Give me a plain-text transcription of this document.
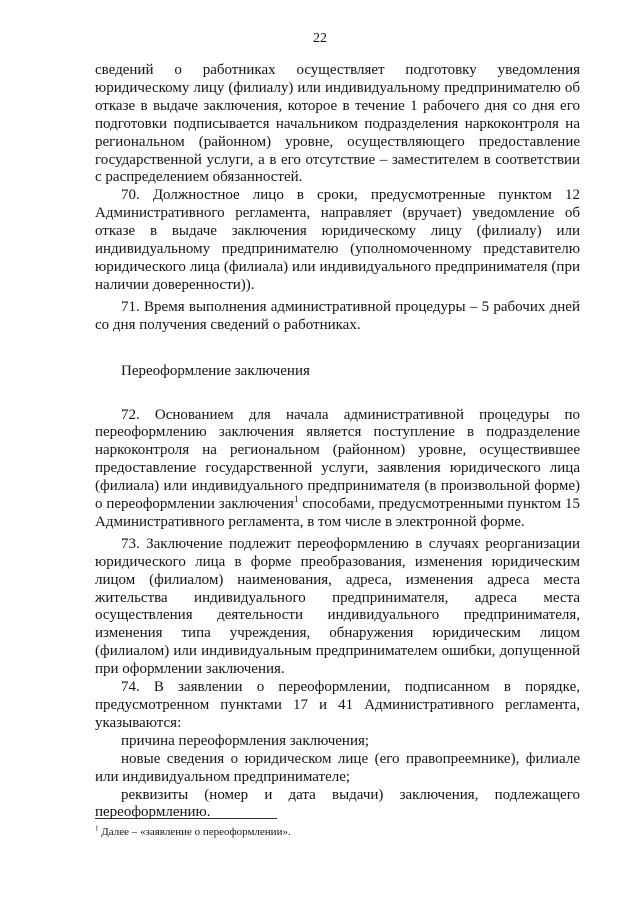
22

сведений о работниках осуществляет подготовку уведомления юридическому лицу (филиалу) или индивидуальному предпринимателю об отказе в выдаче заключения, которое в течение 1 рабочего дня со дня его подготовки подписывается начальником подразделения наркоконтроля на региональном (районном) уровне, осуществляющего предоставление государственной услуги, а в его отсутствие – заместителем в соответствии с распределением обязанностей.

70. Должностное лицо в сроки, предусмотренные пунктом 12 Административного регламента, направляет (вручает) уведомление об отказе в выдаче заключения юридическому лицу (филиалу) или индивидуальному предпринимателю (уполномоченному представителю юридического лица (филиала) или индивидуального предпринимателя (при наличии доверенности)).

71. Время выполнения административной процедуры – 5 рабочих дней со дня получения сведений о работниках.

Переоформление заключения

72. Основанием для начала административной процедуры по переоформлению заключения является поступление в подразделение наркоконтроля на региональном (районном) уровне, осуществившее предоставление государственной услуги, заявления юридического лица (филиала) или индивидуального предпринимателя (в произвольной форме) о переоформлении заключения$^1$ способами, предусмотренными пунктом 15 Административного регламента, в том числе в электронной форме.

73. Заключение подлежит переоформлению в случаях реорганизации юридического лица в форме преобразования, изменения юридическим лицом (филиалом) наименования, адреса, изменения адреса места жительства индивидуального предпринимателя, адреса места осуществления деятельности индивидуального предпринимателя, изменения типа учреждения, обнаружения юридическим лицом (филиалом) или индивидуальным предпринимателем ошибки, допущенной при оформлении заключения.

74. В заявлении о переоформлении, подписанном в порядке, предусмотренном пунктами 17 и 41 Административного регламента, указываются:

причина переоформления заключения;

новые сведения о юридическом лице (его правопреемнике), филиале или индивидуальном предпринимателе;

реквизиты (номер и дата выдачи) заключения, подлежащего переоформлению.

$^1$ Далее – «заявление о переоформлении».
